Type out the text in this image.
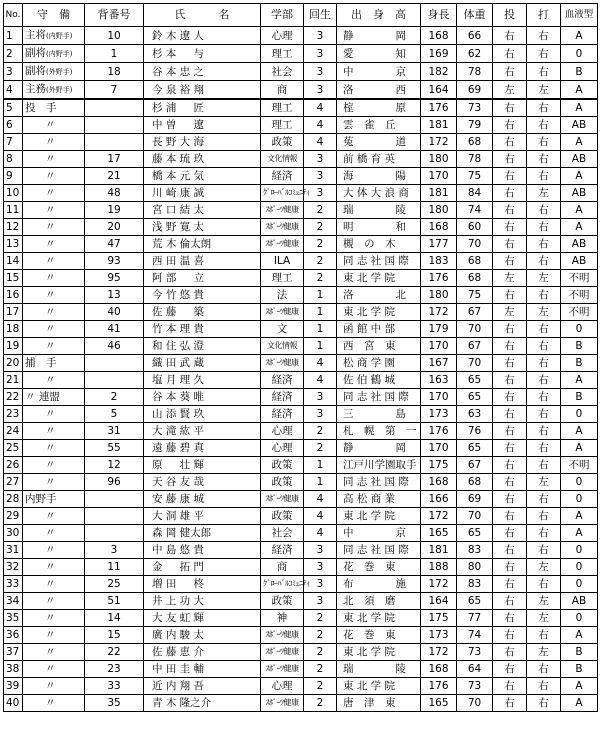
No.	守　備	背番号	氏　　　名	学部	回生	出　身　高	身長	体重	投	打	血液型
1	主将(内野手)	10	鈴 木 遼 人	心理	3	静　　　　岡	168	66	右	右	A
2	副将(内野手)	1	杉 本 　 与	理工	3	愛　　　　知	169	62	右	右	0
3	副将(外野手)	18	谷 本 忠 之	社会	3	中　　　　京	182	78	右	右	B
4	主務(外野手)	7	今 泉 裕 翔	商	3	洛　　　　西	164	69	左	左	A
5	投　手		杉 浦 　 匠	理工	4	榁　　　　原	176	73	右	右	A
6	〃		中 曽 　 遼	理工	4	雲　雀　丘	181	79	右	右	AB
7	〃		長 野 大 海	政策	4	菟　　　　道	172	68	右	右	A
8	〃	17	藤 本 琉 玖	文化情報	3	前 橋 育 英	180	78	右	右	AB
9	〃	21	橋 本 元 気	経済	3	海　　　　陽	170	75	右	右	A
10	〃	48	川 崎 康 誠	ｸﾞﾛｰﾊﾞﾙｺﾐｭﾆﾃｨ	3	大 体 大 浪 商	181	84	右	左	AB
11	〃	19	宮 口 結 太	ｽﾎﾟｰﾂ健康	2	瑞　　　　陵	180	74	右	右	A
12	〃	20	浅 野 寛 太	ｽﾎﾟｰﾂ健康	2	明　　　　和	168	60	右	右	A
13	〃	47	荒 木 倫太朗	ｽﾎﾟｰﾂ健康	2	槻　の　木	177	70	右	右	AB
14	〃	93	西 田 温 喜	ILA	2	同 志 社 国 際	183	68	右	右	AB
15	〃	95	阿 部 　 立	理工	2	東 北 学 院	176	68	左	左	不明
16	〃	13	今 竹 悠 貴	法	1	洛　　　　北	180	75	右	右	不明
17	〃	40	佐 藤 　 築	ｽﾎﾟｰﾂ健康	1	東 北 学 院	172	67	左	左	不明
18	〃	41	竹 本 理 貴	文	1	函 館 中 部	179	70	右	右	0
19	〃	46	和 住 弘 澄	文化情報	1	西　宮　東	170	67	右	右	B
20	捕　手		織 田 武 蔵	ｽﾎﾟｰﾂ健康	4	松 商 学 園	167	70	右	右	B
21	〃		塩 月 理 久	経済	4	佐 伯 鶴 城	163	65	右	右	A
22	〃 連盟	2	谷 本 葵 唯	経済	3	同 志 社 国 際	170	65	右	右	B
23	〃	5	山 添 賢 玖	経済	3	三　　　　島	173	63	右	右	0
24	〃	31	大 滝 紘 平	心理	2	札　幌　第　一	176	76	右	右	A
25	〃	55	遠 藤 碧 真	心理	2	静　　　　岡	170	65	右	右	A
26	〃	12	原 　 壮 輝	政策	1	江戸川学園取手	175	67	右	右	不明
27	〃	96	天 谷 友 哉	政策	1	同 志 社 国 際	168	68	右	左	0
28	内野手		安 藤 康 城	ｽﾎﾟｰﾂ健康	4	高 松 商 業	166	69	右	右	0
29	〃		大 洞 雄 平	政策	4	東 北 学 院	172	70	右	右	A
30	〃		森 岡 健太郎	社会	4	中　　　　京	165	65	右	右	A
31	〃	3	中 島 悠 貴	経済	3	同 志 社 国 際	181	83	右	右	0
32	〃	11	金 　 拓 門	商	3	花　巻　東	188	80	右	左	0
33	〃	25	増 田 　 柊	ｸﾞﾛｰﾊﾞﾙｺﾐｭﾆﾃｨ	3	布　　　　施	172	83	右	右	0
34	〃	51	井 上 功 大	政策	3	北　須　磨	164	65	右	左	AB
35	〃	14	大 友 虹 輝	神	2	東 北 学 院	175	77	右	左	0
36	〃	15	廣 内 駿 太	ｽﾎﾟｰﾂ健康	2	花　巻　東	173	74	右	右	A
37	〃	22	佐 藤 恵 介	ｽﾎﾟｰﾂ健康	2	東 北 学 院	172	73	右	左	B
38	〃	23	中 田 圭 輔	ｽﾎﾟｰﾂ健康	2	瑞　　　　陵	168	64	右	右	B
39	〃	33	近 内 翔 吾	心理	2	東 北 学 院	176	73	右	右	A
40	〃	35	青 木 隆之介	ｽﾎﾟｰﾂ健康	2	唐　津　東	165	70	右	右	A
